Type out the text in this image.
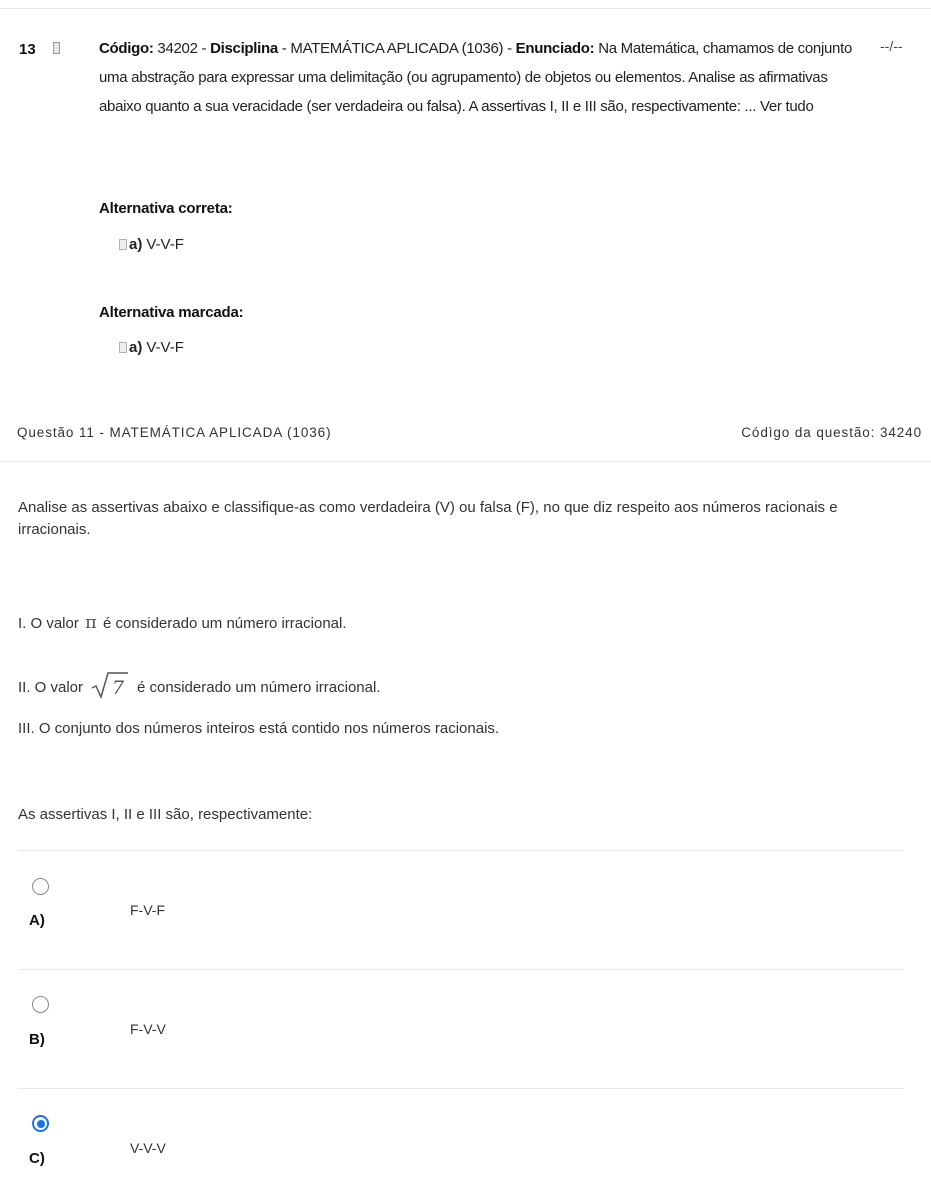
13	--/--
Código: 34202 - Disciplina - MATEMÁTICA APLICADA (1036) - Enunciado: Na Matemática, chamamos de conjunto uma abstração para expressar uma delimitação (ou agrupamento) de objetos ou elementos. Analise as afirmativas abaixo quanto a sua veracidade (ser verdadeira ou falsa). A assertivas I, II e III são, respectivamente: ... Ver tudo
Alternativa correta:
a) V-V-F
Alternativa marcada:
a) V-V-F
Questão 11 - MATEMÁTICA APLICADA (1036)	Códìgo da questão: 34240
Analise as assertivas abaixo e classifique-as como verdadeira (V) ou falsa (F), no que diz respeito aos números racionais e irracionais.
I. O valor π é considerado um número irracional.
II. O valor 7 é considerado um número irracional.
III. O conjunto dos números inteiros está contido nos números racionais.
As assertivas I, II e III são, respectivamente:
A)
F-V-F
B)
F-V-V
C)
V-V-V
